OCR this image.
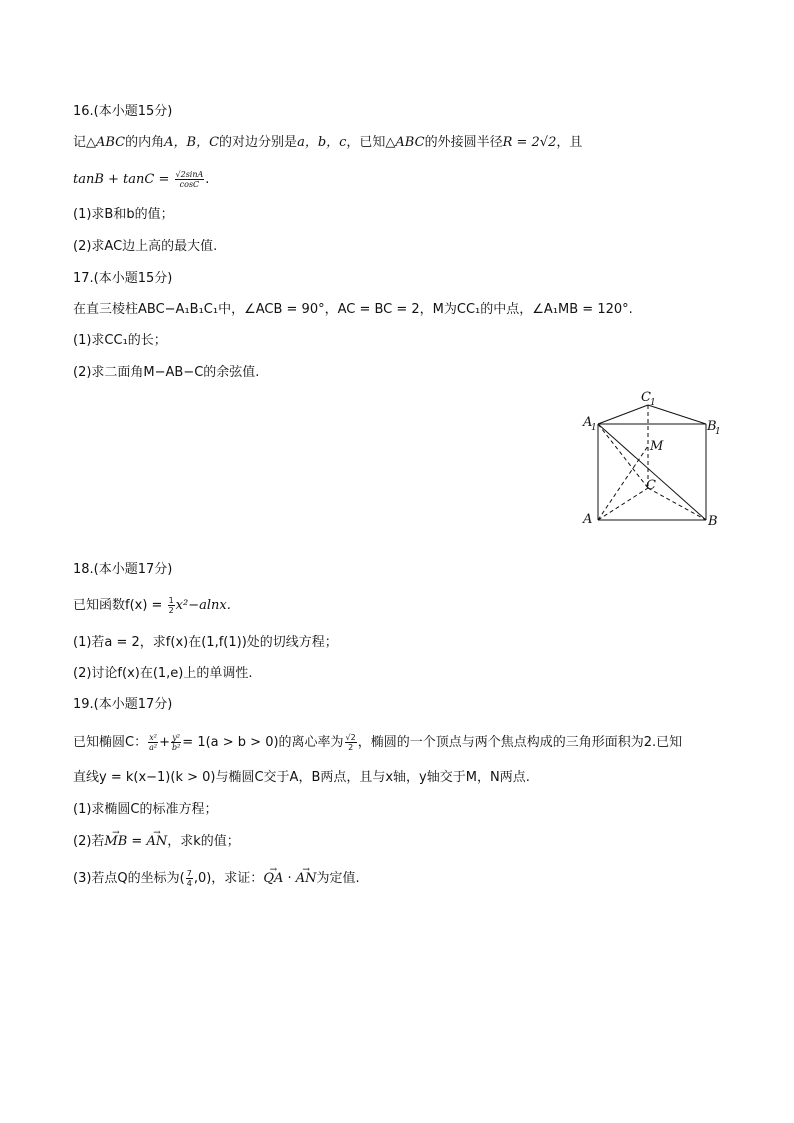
16.(本小题15分)
记△ABC的内角A，B，C的对边分别是a，b，c，已知△ABC的外接圆半径R = 2√2，且
$\tan B + \tan C = \frac{√2\sin A}{\cos C}$ .
(1)求B和b的值；
(2)求AC边上高的最大值.
17.(本小题15分)
在直三棱柱ABC−A₁B₁C₁中，∠ACB = 90°，AC = BC = 2，M为CC₁的中点，∠A₁MB = 120°.
(1)求CC₁的长；
(2)求二面角M−AB−C的余弦值.
A
1
C 1
B
1
M
C
A	B
18.(本小题17分)
已知函数$f(x) = \frac{1}{2} x^2-alnx$.
(1)若a = 2，求f(x)在(1,f(1))处的切线方程；
(2)讨论f(x)在(1,e)上的单调性.
19.(本小题17分)
已知椭圆C： $\frac{\text{x²}}{\text{a²}} + \frac{\text{y²}}{\text{b²}} = 1(a > b > 0)$的离心率为 $\frac{√2}{2}$ ，椭圆的一个顶点与两个焦点构成的三角形面积为2.已知
直线y = k(x−1)(k > 0)与椭圆C交于A，B两点，且与x轴，y轴交于M，N两点.
(1)求椭圆C的标准方程；
(2)若→ MB = → AN，求k的值；
(3)若点Q的坐标为( $\frac{7}{4} ,0$)，求证：→ QA · → AN为定值.
